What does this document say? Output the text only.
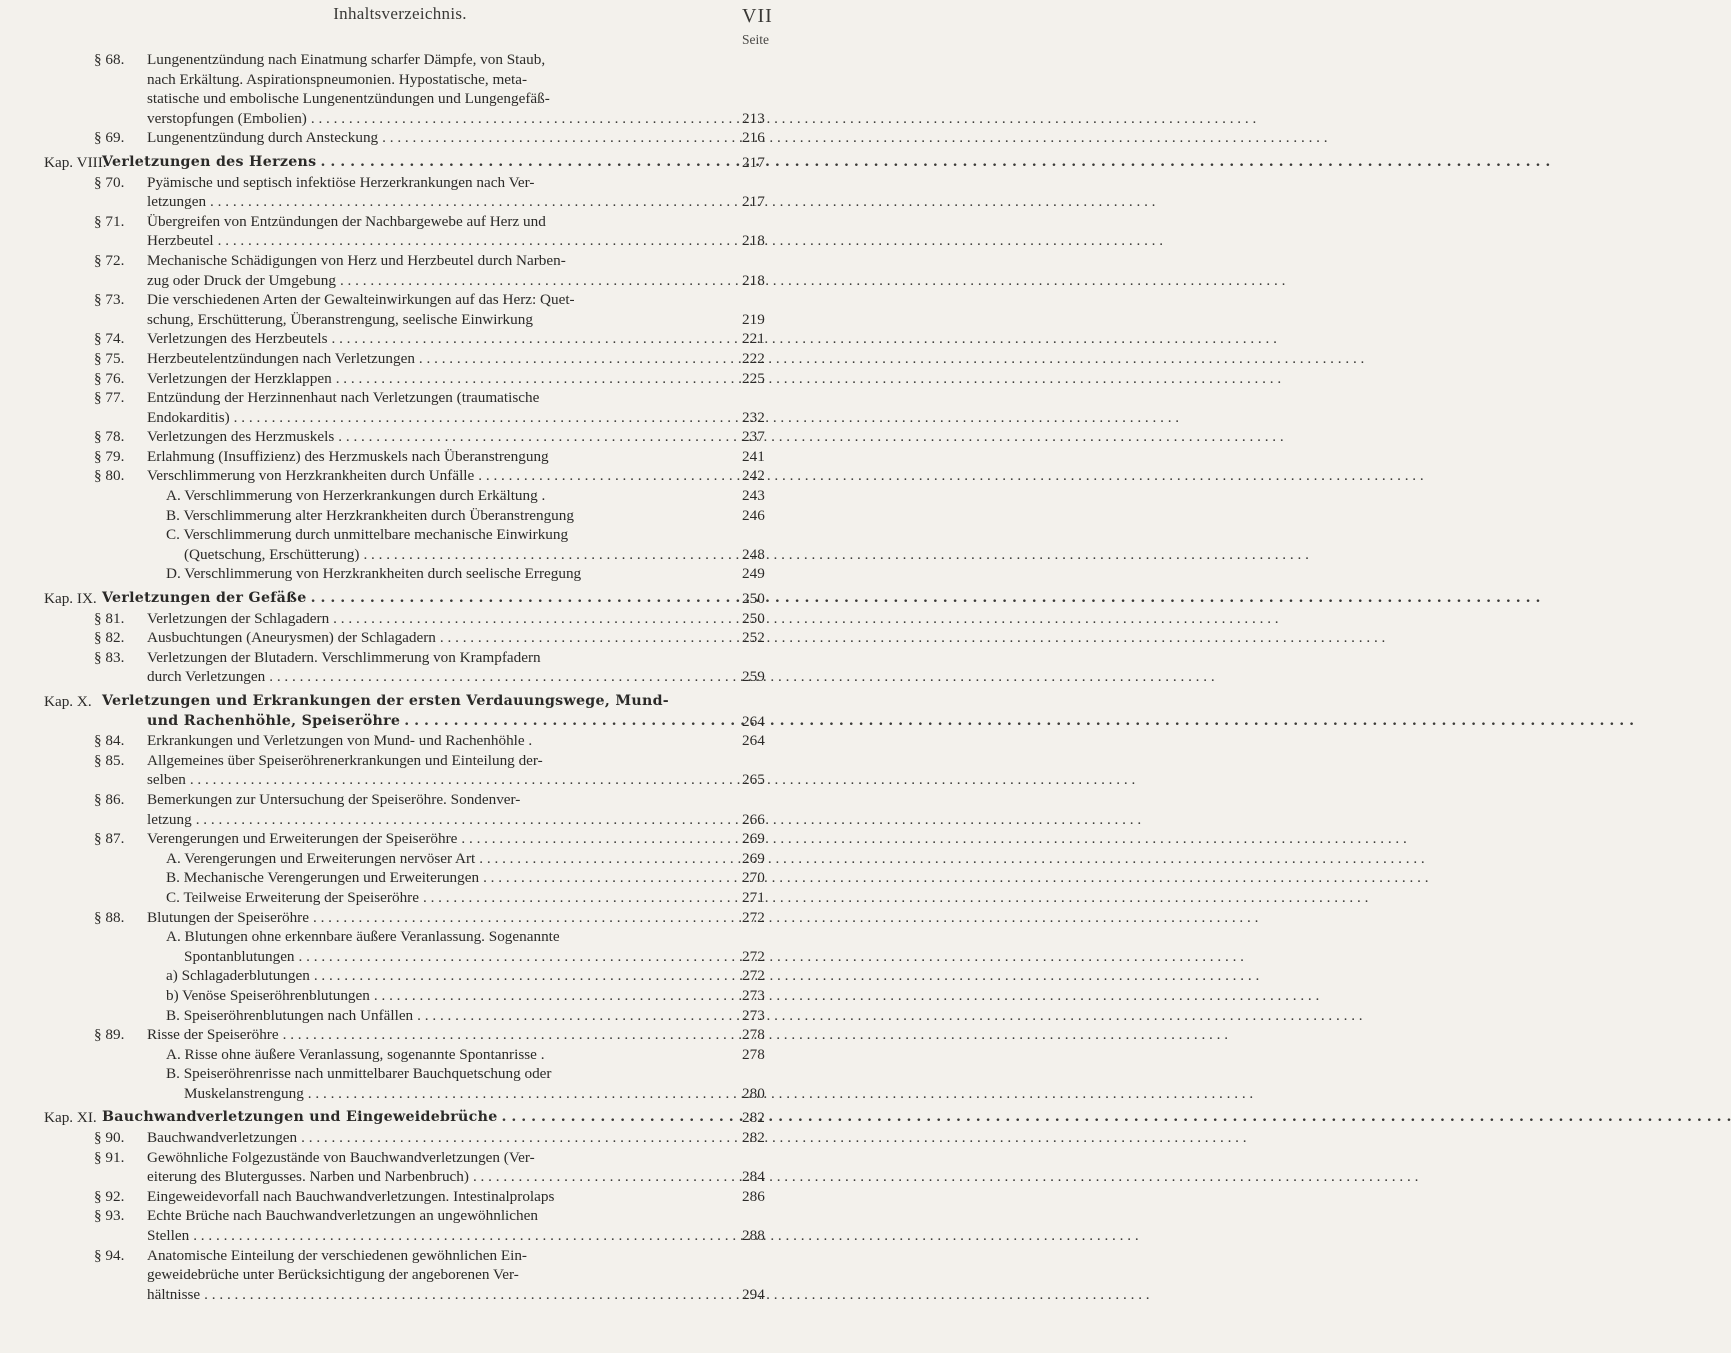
Inhaltsverzeichnis.	VII
Seite
§ 68. Lungenentzündung nach Einatmung scharfer Dämpfe, von Staub,
nach Erkältung. Aspirationspneumonien. Hypostatische, meta-
statische und embolische Lungenentzündungen und Lungengefäß-
verstopfungen (Embolien) . . .	213
§ 69. Lungenentzündung durch Ansteckung . . .	216
Kap. VIII.
Verletzungen des Herzens . . .	217
§ 70. Pyämische und septisch infektiöse Herzerkrankungen nach Ver-
letzungen . . .	217
§ 71. Übergreifen von Entzündungen der Nachbargewebe auf Herz und
Herzbeutel . . .	218
§ 72. Mechanische Schädigungen von Herz und Herzbeutel durch Narben-
zug oder Druck der Umgebung . . .	218
§ 73. Die verschiedenen Arten der Gewalteinwirkungen auf das Herz: Quet-
schung, Erschütterung, Überanstrengung, seelische Einwirkung	219
§ 74. Verletzungen des Herzbeutels . . .	221
§ 75. Herzbeutelentzündungen nach Verletzungen . . .	222
§ 76. Verletzungen der Herzklappen . . .	225
§ 77. Entzündung der Herzinnenhaut nach Verletzungen (traumatische
Endokarditis) . . .	232
§ 78. Verletzungen des Herzmuskels . . .	237
§ 79. Erlahmung (Insuffizienz) des Herzmuskels nach Überanstrengung	241
§ 80. Verschlimmerung von Herzkrankheiten durch Unfälle . . .	242
A. Verschlimmerung von Herzerkrankungen durch Erkältung .	243
B. Verschlimmerung alter Herzkrankheiten durch Überanstrengung	246
C. Verschlimmerung durch unmittelbare mechanische Einwirkung
(Quetschung, Erschütterung) . . .	248
D. Verschlimmerung von Herzkrankheiten durch seelische Erregung	249
Kap. IX. Verletzungen der Gefäße . . .	250
§ 81. Verletzungen der Schlagadern . . .	250
§ 82. Ausbuchtungen (Aneurysmen) der Schlagadern . . .	252
§ 83. Verletzungen der Blutadern. Verschlimmerung von Krampfadern
durch Verletzungen . . .	259
Kap. X. Verletzungen und Erkrankungen der ersten Verdauungswege, Mund-
und Rachenhöhle, Speiseröhre . . .	264
§ 84. Erkrankungen und Verletzungen von Mund- und Rachenhöhle .	264
§ 85. Allgemeines über Speiseröhrenerkrankungen und Einteilung der-
selben . . .	265
§ 86. Bemerkungen zur Untersuchung der Speiseröhre. Sondenver-
letzung . . .	266
§ 87. Verengerungen und Erweiterungen der Speiseröhre . . .	269
A. Verengerungen und Erweiterungen nervöser Art . . .	269
B. Mechanische Verengerungen und Erweiterungen . . .	270
C. Teilweise Erweiterung der Speiseröhre . . .	271
§ 88. Blutungen der Speiseröhre . . .	272
A. Blutungen ohne erkennbare äußere Veranlassung. Sogenannte
Spontanblutungen . . .	272
a) Schlagaderblutungen . . .	272
b) Venöse Speiseröhrenblutungen . . .	273
B. Speiseröhrenblutungen nach Unfällen . . .	273
§ 89. Risse der Speiseröhre . . .	278
A. Risse ohne äußere Veranlassung, sogenannte Spontanrisse .	278
B. Speiseröhrenrisse nach unmittelbarer Bauchquetschung oder
Muskelanstrengung . . .	280
Kap. XI. Bauchwandverletzungen und Eingeweidebrüche . . .	282
§ 90. Bauchwandverletzungen . . .	282
§ 91. Gewöhnliche Folgezustände von Bauchwandverletzungen (Ver-
eiterung des Blutergusses. Narben und Narbenbruch) . . .	284
§ 92. Eingeweidevorfall nach Bauchwandverletzungen. Intestinalprolaps	286
§ 93. Echte Brüche nach Bauchwandverletzungen an ungewöhnlichen
Stellen . . .	288
§ 94. Anatomische Einteilung der verschiedenen gewöhnlichen Ein-
geweidebrüche unter Berücksichtigung der angeborenen Ver-
hältnisse . . .	294
